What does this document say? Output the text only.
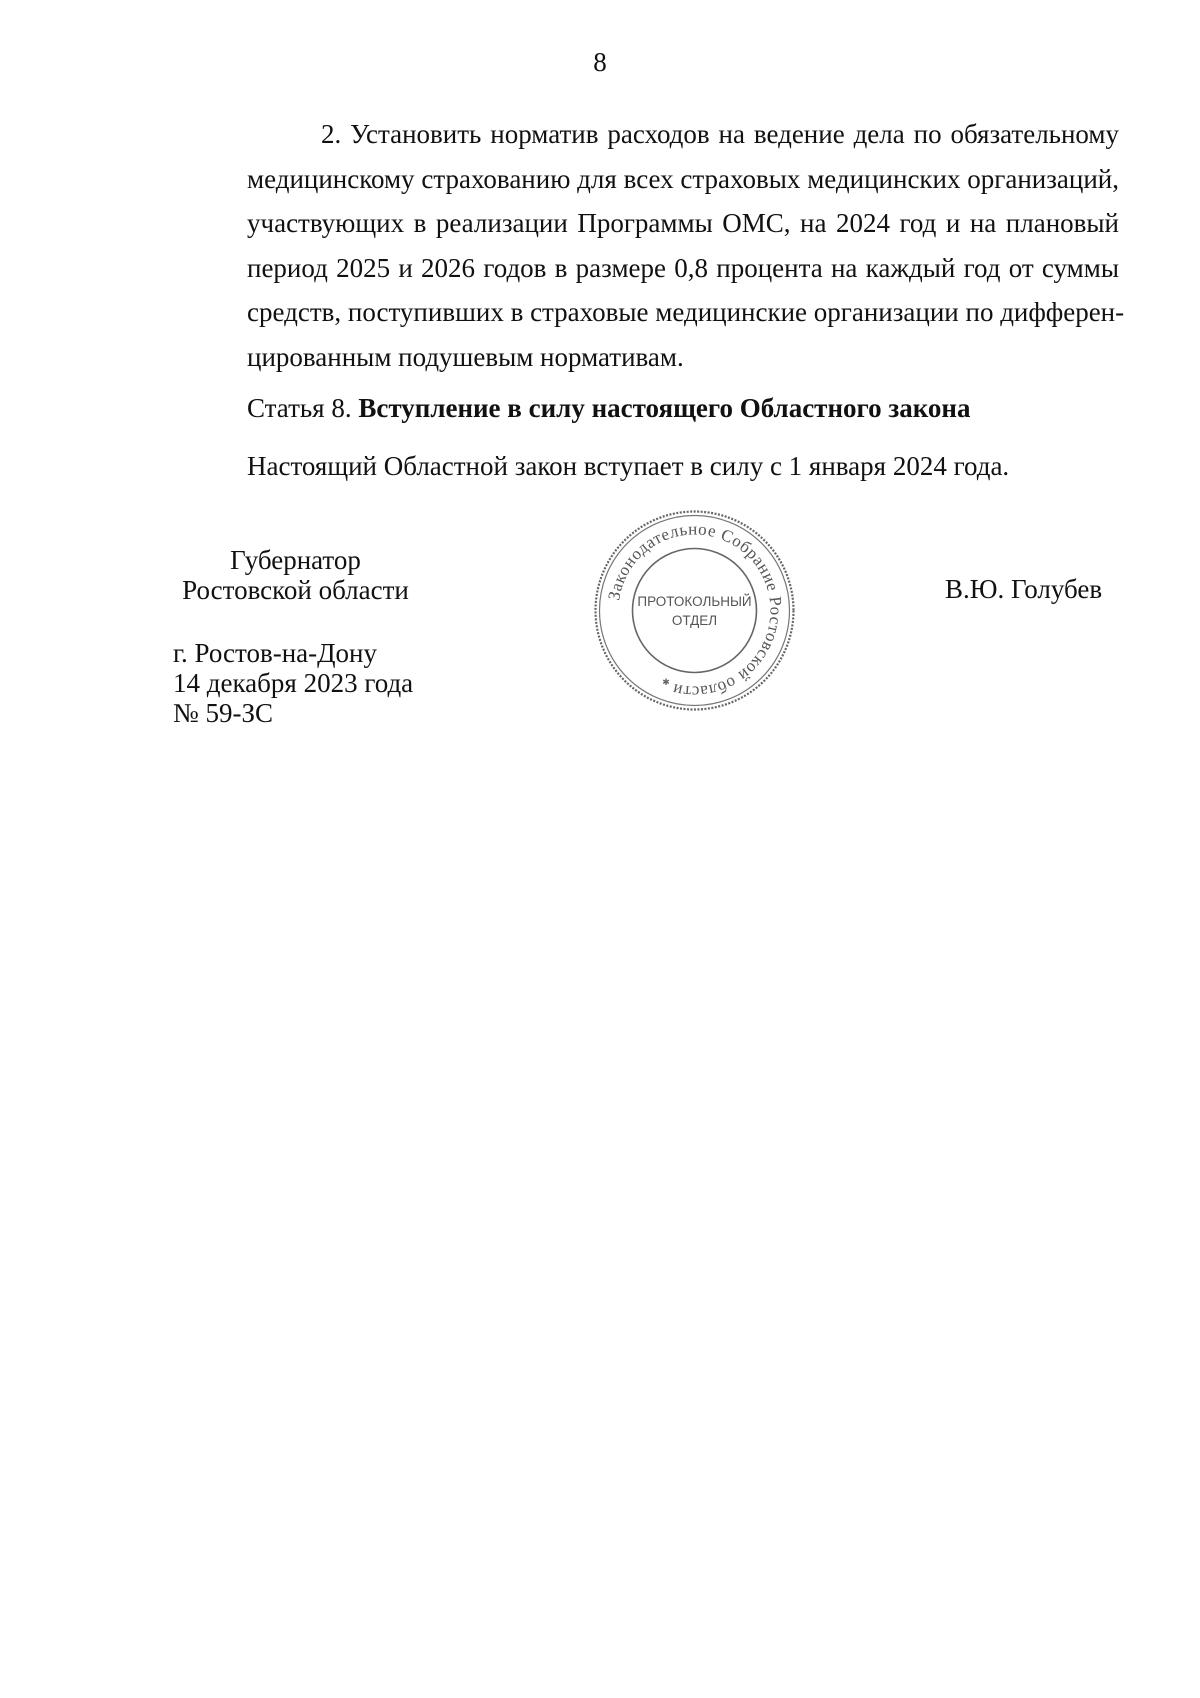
8
2. Установить норматив расходов на ведение дела по обязательному
медицинскому страхованию для всех страховых медицинских организаций,
участвующих в реализации Программы ОМС, на 2024 год и на плановый
период 2025 и 2026 годов в размере 0,8 процента на каждый год от суммы
средств, поступивших в страховые медицинские организации по дифферен-
цированным подушевым нормативам.
Статья 8. Вступление в силу настоящего Областного закона
Настоящий Областной закон вступает в силу с 1 января 2024 года.
Губернатор
Ростовской области	В.Ю. Голубев
г. Ростов-на-Дону
14 декабря 2023 года
№ 59-ЗС
Законодательное Собрание Ростовской области
ПРОТОКОЛЬНЫЙ
ОТДЕЛ
✱
